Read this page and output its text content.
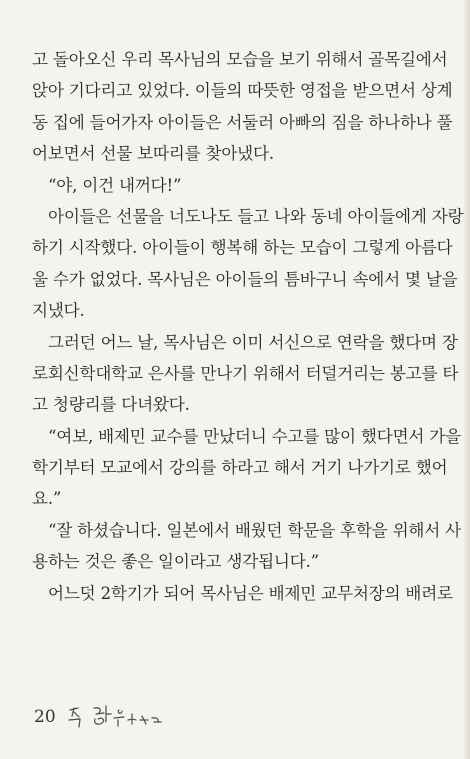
고 돌아오신 우리 목사님의 모습을 보기 위해서 골목길에서
앉아 기다리고 있었다. 이들의 따뜻한 영접을 받으면서 상계
동 집에 들어가자 아이들은 서둘러 아빠의 짐을 하나하나 풀
어보면서 선물 보따리를 찾아냈다.
“야, 이건 내꺼다!”
아이들은 선물을 너도나도 들고 나와 동네 아이들에게 자랑
하기 시작했다. 아이들이 행복해 하는 모습이 그렇게 아름다
울 수가 없었다. 목사님은 아이들의 틈바구니 속에서 몇 날을
지냈다.
그러던 어느 날, 목사님은 이미 서신으로 연락을 했다며 장
로회신학대학교 은사를 만나기 위해서 터덜거리는 봉고를 타
고 청량리를 다녀왔다.
“여보, 배제민 교수를 만났더니 수고를 많이 했다면서 가을
학기부터 모교에서 강의를 하라고 해서 거기 나가기로 했어
요.”
“잘 하셨습니다. 일본에서 배웠던 학문을 후학을 위해서 사
용하는 것은 좋은 일이라고 생각됩니다.”
어느덧 2학기가 되어 목사님은 배제민 교무처장의 배려로
20
